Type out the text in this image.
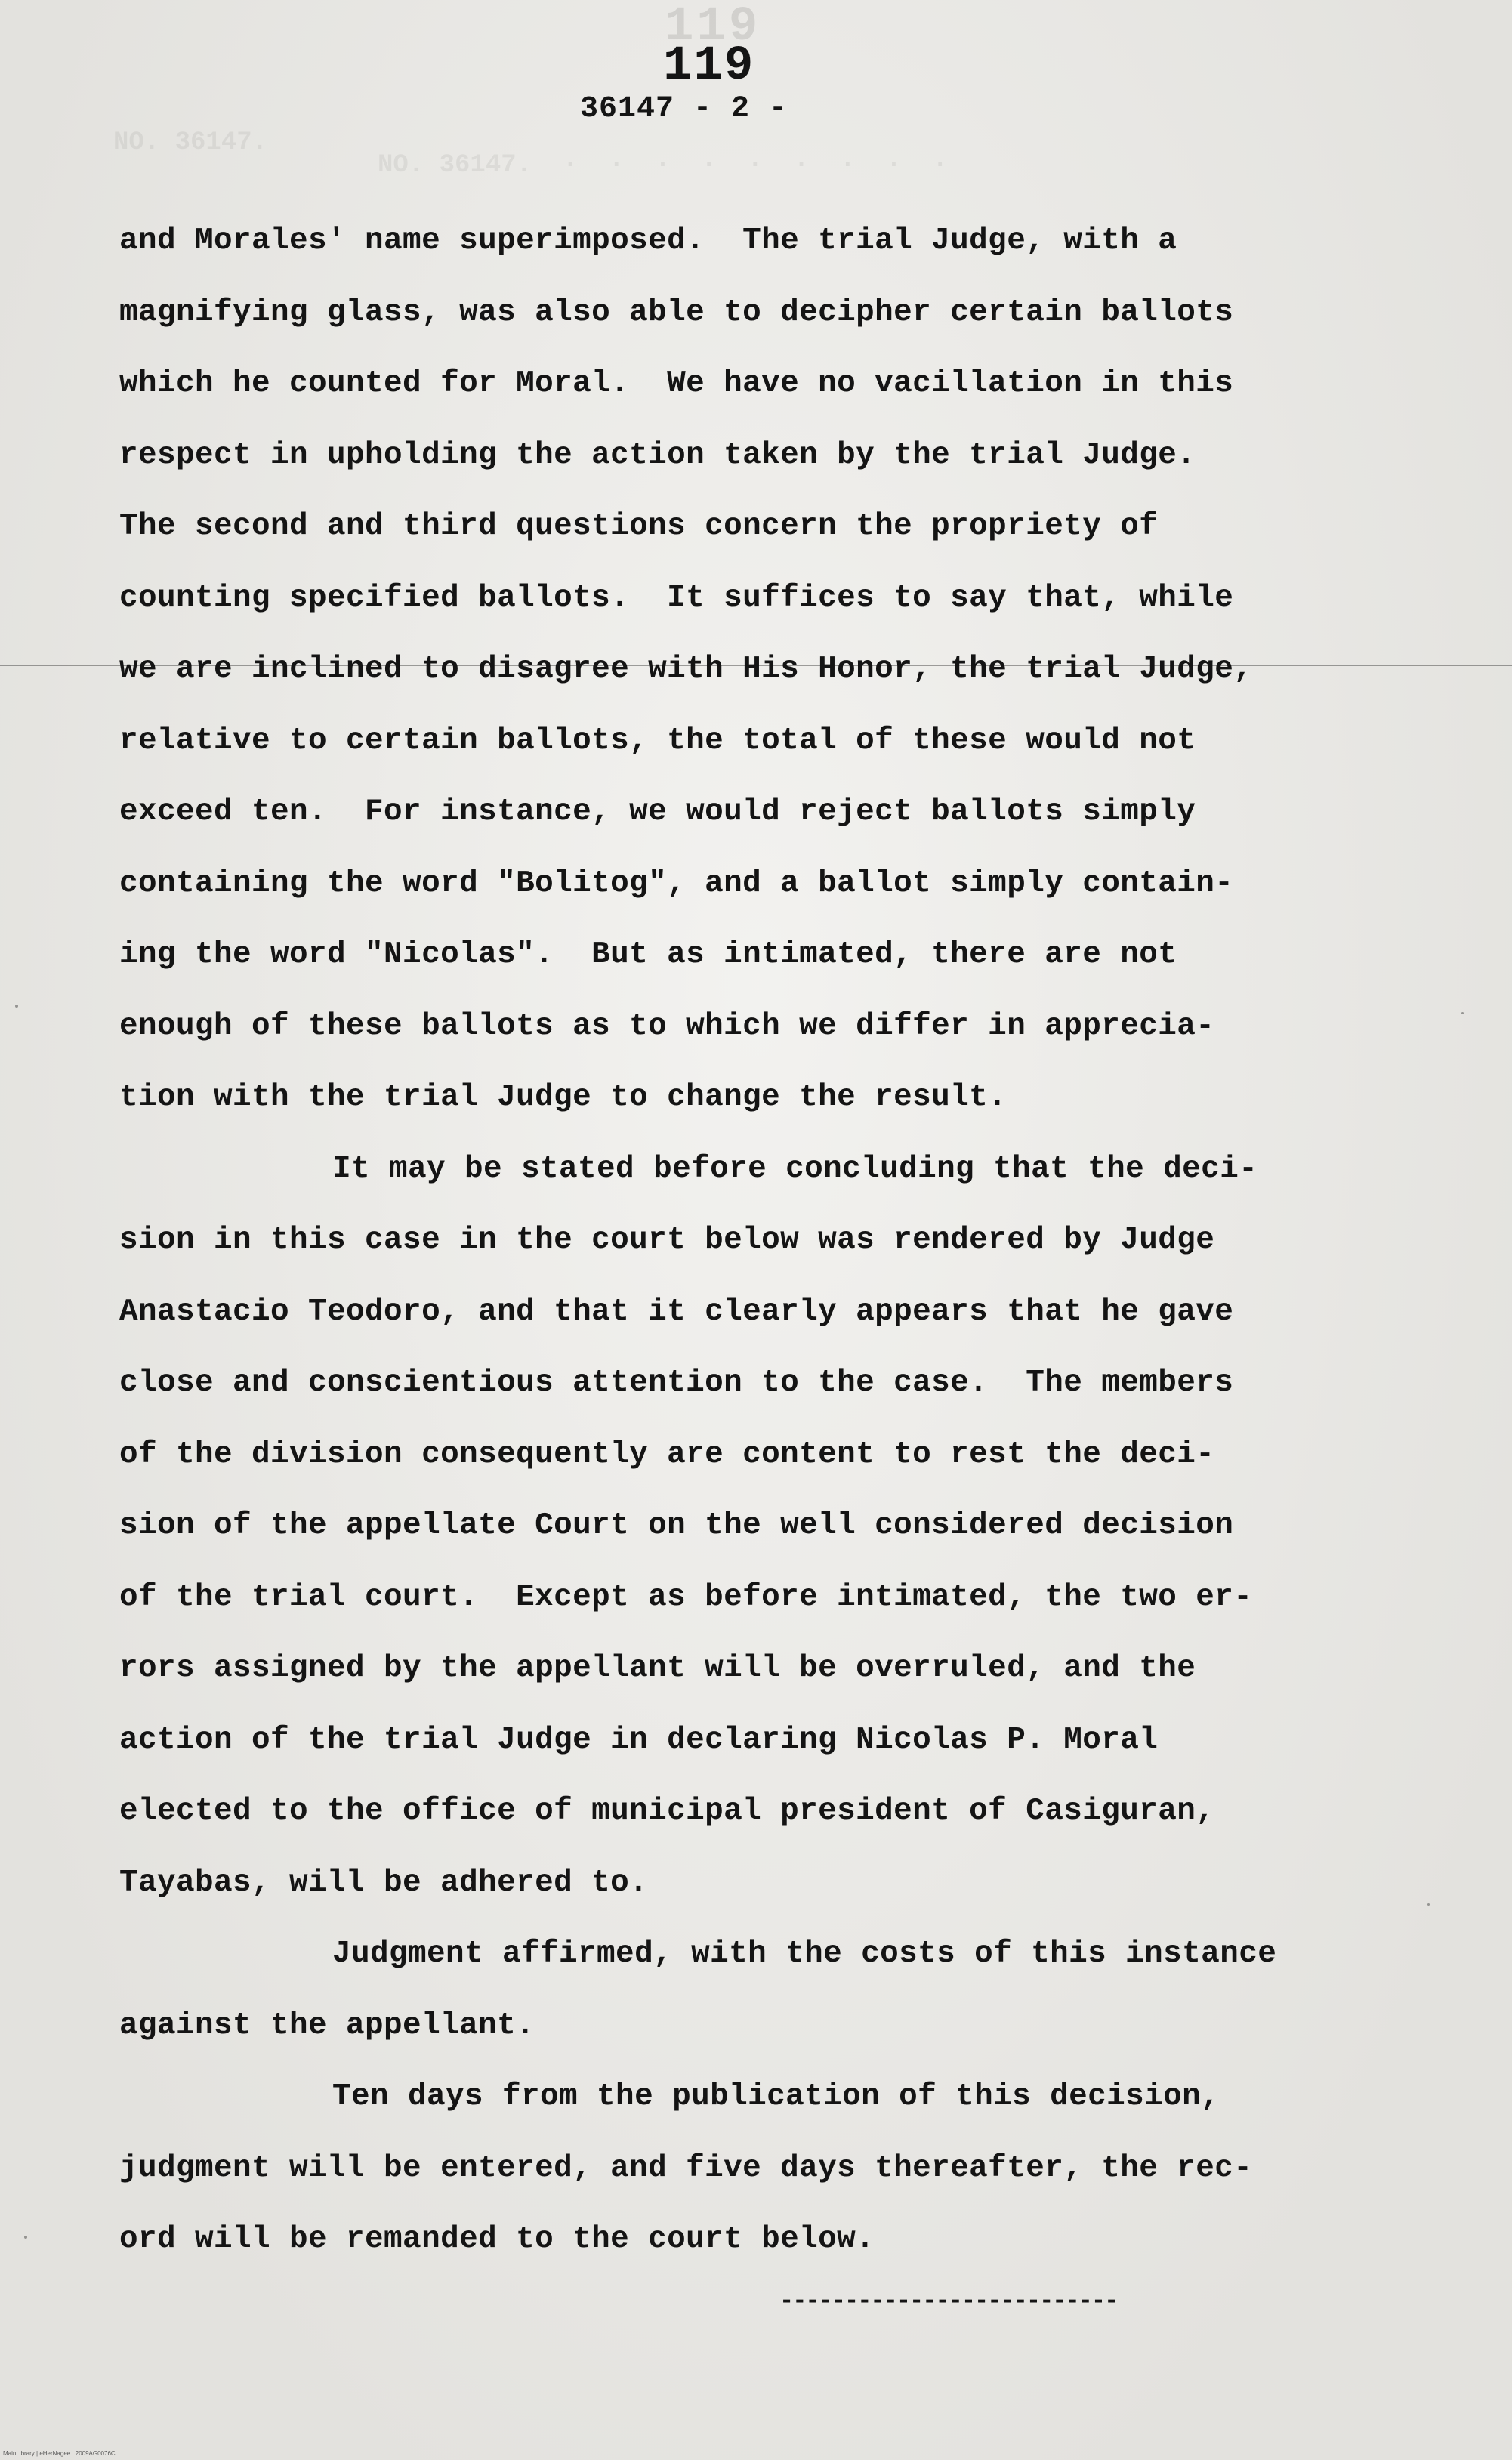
119
NO. 36147.  ·  ·  ·  ·  ·  ·  ·  ·  ·
NO. 36147.
119
36147 - 2 -
and Morales' name superimposed.  The trial Judge, with a
magnifying glass, was also able to decipher certain ballots
which he counted for Moral.  We have no vacillation in this
respect in upholding the action taken by the trial Judge.
The second and third questions concern the propriety of
counting specified ballots.  It suffices to say that, while
we are inclined to disagree with His Honor, the trial Judge,
relative to certain ballots, the total of these would not
exceed ten.  For instance, we would reject ballots simply
containing the word "Bolitog", and a ballot simply contain-
ing the word "Nicolas".  But as intimated, there are not
enough of these ballots as to which we differ in apprecia-
tion with the trial Judge to change the result.
It may be stated before concluding that the deci-
sion in this case in the court below was rendered by Judge
Anastacio Teodoro, and that it clearly appears that he gave
close and conscientious attention to the case.  The members
of the division consequently are content to rest the deci-
sion of the appellate Court on the well considered decision
of the trial court.  Except as before intimated, the two er-
rors assigned by the appellant will be overruled, and the
action of the trial Judge in declaring Nicolas P. Moral
elected to the office of municipal president of Casiguran,
Tayabas, will be adhered to.
Judgment affirmed, with the costs of this instance
against the appellant.
Ten days from the publication of this decision,
judgment will be entered, and five days thereafter, the rec-
ord will be remanded to the court below.
--------------------------
MainLibrary | eHerNagee | 2009AG0076C
